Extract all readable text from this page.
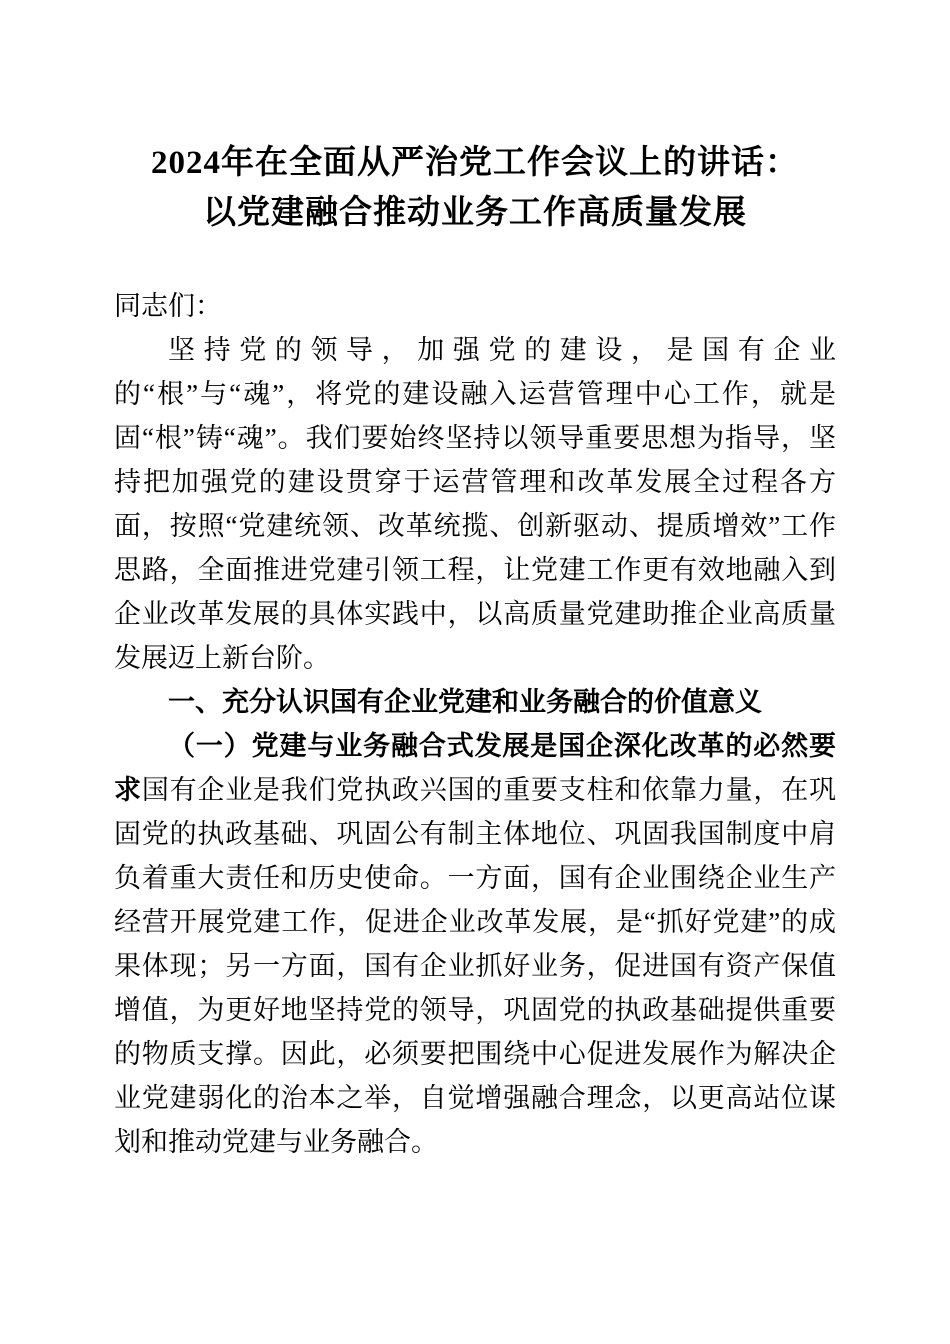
2024年在全面从严治党工作会议上的讲话：
以党建融合推动业务工作高质量发展

同志们：

坚持党的领导，加强党的建设，是国有企业的“根”与“魂”，将党的建设融入运营管理中心工作，就是固“根”铸“魂”。我们要始终坚持以领导重要思想为指导，坚持把加强党的建设贯穿于运营管理和改革发展全过程各方面，按照“党建统领、改革统揽、创新驱动、提质增效”工作思路，全面推进党建引领工程，让党建工作更有效地融入到企业改革发展的具体实践中，以高质量党建助推企业高质量发展迈上新台阶。

一、充分认识国有企业党建和业务融合的价值意义

（一）党建与业务融合式发展是国企深化改革的必然要求国有企业是我们党执政兴国的重要支柱和依靠力量，在巩固党的执政基础、巩固公有制主体地位、巩固我国制度中肩负着重大责任和历史使命。一方面，国有企业围绕企业生产经营开展党建工作，促进企业改革发展，是“抓好党建”的成果体现；另一方面，国有企业抓好业务，促进国有资产保值增值，为更好地坚持党的领导，巩固党的执政基础提供重要的物质支撑。因此，必须要把围绕中心促进发展作为解决企业党建弱化的治本之举，自觉增强融合理念，以更高站位谋划和推动党建与业务融合。
